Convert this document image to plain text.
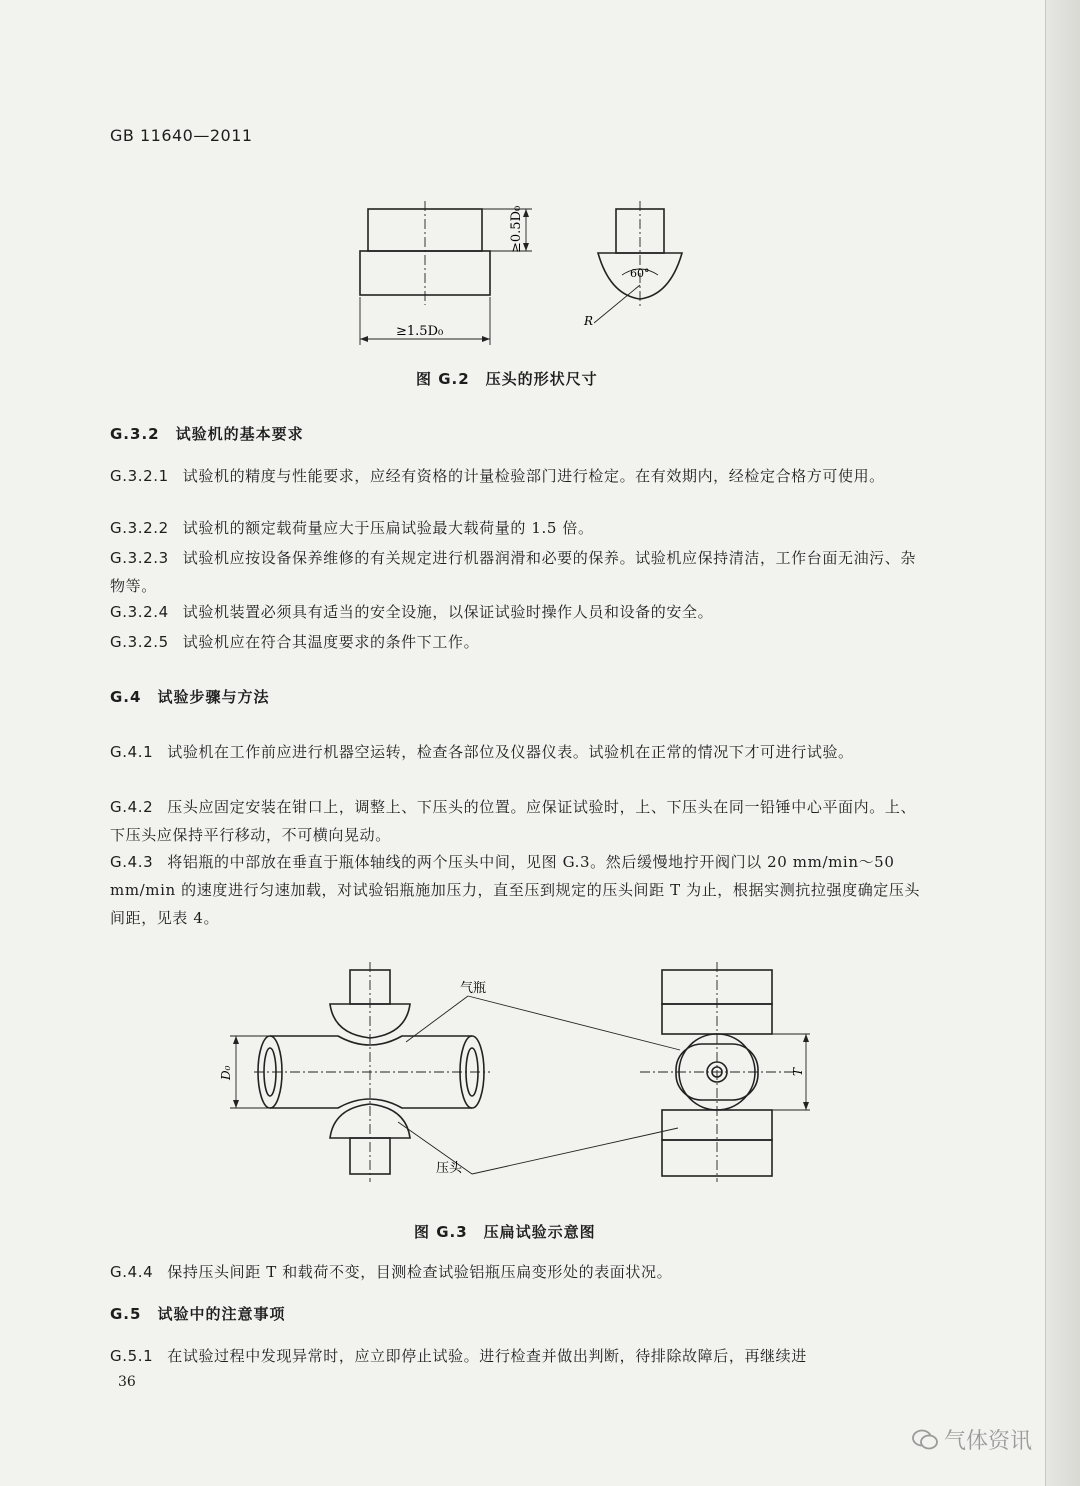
GB 11640—2011
≥1.5D₀
≥0.5D₀
60°
R
图 G.2　压头的形状尺寸
G.3.2　试验机的基本要求

G.3.2.1 试验机的精度与性能要求，应经有资格的计量检验部门进行检定。在有效期内，经检定合格方可使用。

G.3.2.2 试验机的额定载荷量应大于压扁试验最大载荷量的 1.5 倍。

G.3.2.3 试验机应按设备保养维修的有关规定进行机器润滑和必要的保养。试验机应保持清洁，工作台面无油污、杂物等。

G.3.2.4 试验机装置必须具有适当的安全设施，以保证试验时操作人员和设备的安全。

G.3.2.5 试验机应在符合其温度要求的条件下工作。

G.4　试验步骤与方法

G.4.1 试验机在工作前应进行机器空运转，检查各部位及仪器仪表。试验机在正常的情况下才可进行试验。

G.4.2 压头应固定安装在钳口上，调整上、下压头的位置。应保证试验时，上、下压头在同一铅锤中心平面内。上、下压头应保持平行移动，不可横向晃动。

G.4.3 将铝瓶的中部放在垂直于瓶体轴线的两个压头中间，见图 G.3。然后缓慢地拧开阀门以 20 mm/min～50 mm/min 的速度进行匀速加载，对试验铝瓶施加压力，直至压到规定的压头间距 T 为止，根据实测抗拉强度确定压头间距，见表 4。

气瓶
压头
D₀	T
图 G.3　压扁试验示意图

G.4.4 保持压头间距 T 和载荷不变，目测检查试验铝瓶压扁变形处的表面状况。

G.5　试验中的注意事项

G.5.1 在试验过程中发现异常时，应立即停止试验。进行检查并做出判断，待排除故障后，再继续进

36
气体资讯
